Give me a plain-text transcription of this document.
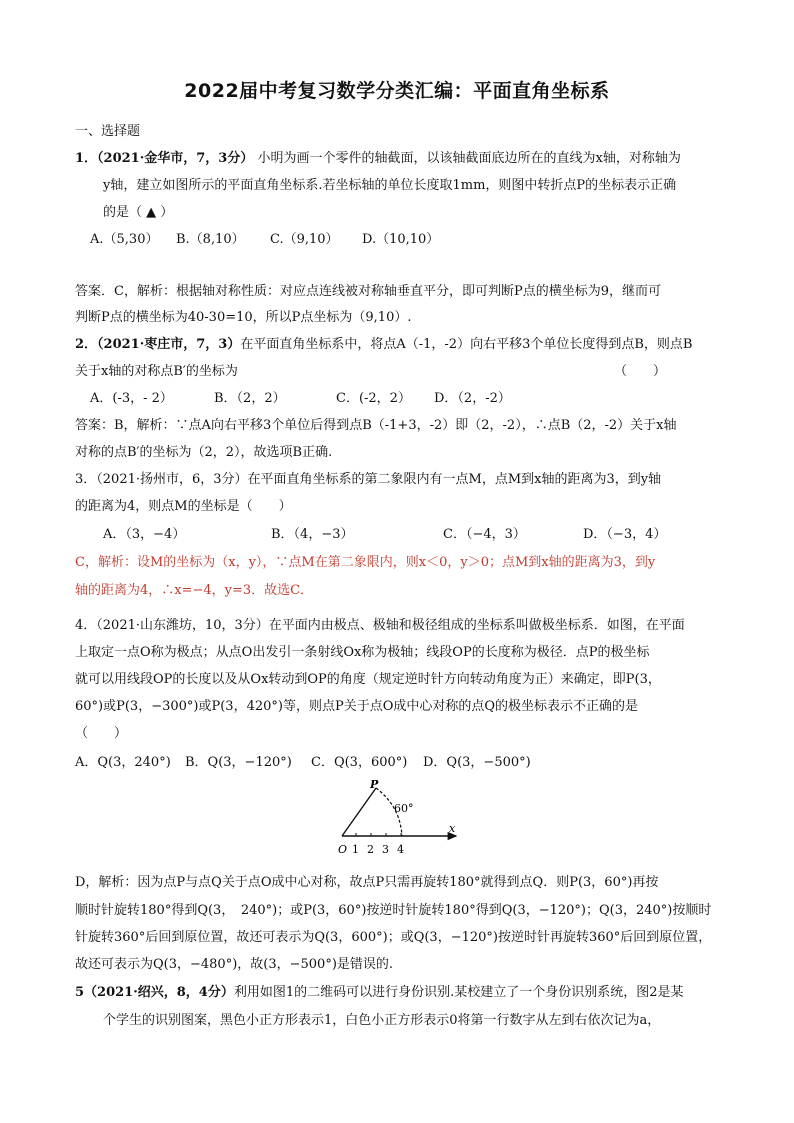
2022届中考复习数学分类汇编：平面直角坐标系
一、选择题
1．（2021·金华市，7，3分） 小明为画一个零件的轴截面，以该轴截面底边所在的直线为x轴，对称轴为
y轴，建立如图所示的平面直角坐标系.若坐标轴的单位长度取1mm，则图中转折点P的坐标表示正确
的是（ ▲ ）
A.（5,30） B.（8,10） C.（9,10） D.（10,10）
答案．C，解析：根据轴对称性质：对应点连线被对称轴垂直平分，即可判断P点的横坐标为9，继而可
判断P点的横坐标为40-30=10，所以P点坐标为（9,10）.
2．（2021·枣庄市，7，3）在平面直角坐标系中，将点A（-1，-2）向右平移3个单位长度得到点B，则点B
关于x轴的对称点B′的坐标为	（　　）
A．(-3，- 2）	B．（2，2）	C．(-2，2） D．（2，-2）
答案：B，解析：∵点A向右平移3个单位后得到点B（-1+3，-2）即（2，-2），∴点B（2，-2）关于x轴
对称的点B′的坐标为（2，2），故选项B正确.
3．（2021·扬州市，6，3分）在平面直角坐标系的第二象限内有一点M，点M到x轴的距离为3，到y轴
的距离为4，则点M的坐标是（　　）
A．（3，−4）	B．（4，−3）	C．（−4，3）	D．（−3，4）
C，解析：设M的坐标为（x，y），∵点M在第二象限内，则x＜0，y＞0；点M到x轴的距离为3，到y
轴的距离为4，∴x=−4，y=3．故选C．
4．（2021·山东潍坊，10，3分）在平面内由极点、极轴和极径组成的坐标系叫做极坐标系．如图，在平面
上取定一点O称为极点；从点O出发引一条射线Ox称为极轴；线段OP的长度称为极径．点P的极坐标
就可以用线段OP的长度以及从Ox转动到OP的角度（规定逆时针方向转动角度为正）来确定，即P(3，
60°)或P(3，−300°)或P(3，420°)等，则点P关于点O成中心对称的点Q的极坐标表示不正确的是
（　　）
A．Q(3，240°) B．Q(3，−120°) C．Q(3，600°) D．Q(3，−500°)
P
60°
x
O 1 2 3 4
D，解析：因为点P与点Q关于点O成中心对称，故点P只需再旋转180°就得到点Q．则P(3，60°)再按
顺时针旋转180°得到Q(3，　240°)；或P(3，60°)按逆时针旋转180°得到Q(3，−120°)；Q(3，240°)按顺时
针旋转360°后回到原位置，故还可表示为Q(3，600°)；或Q(3，−120°)按逆时针再旋转360°后回到原位置，
故还可表示为Q(3，−480°)，故(3，−500°)是错误的.
5（2021·绍兴，8，4分）利用如图1的二维码可以进行身份识别.某校建立了一个身份识别系统，图2是某
个学生的识别图案，黑色小正方形表示1，白色小正方形表示0将第一行数字从左到右依次记为a，
